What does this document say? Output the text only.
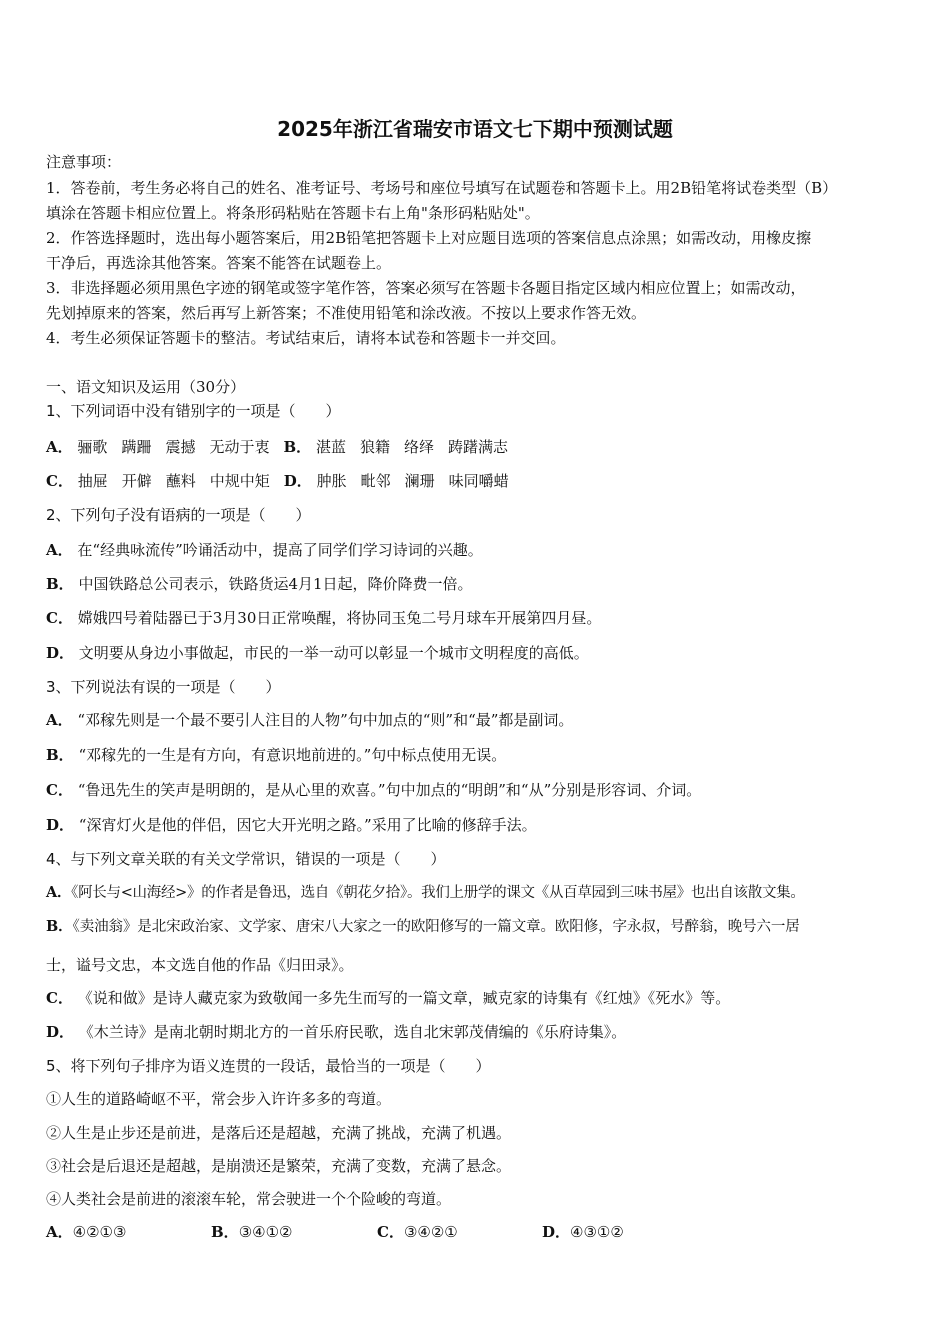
2025年浙江省瑞安市语文七下期中预测试题
注意事项：
1．答卷前，考生务必将自己的姓名、准考证号、考场号和座位号填写在试题卷和答题卡上。用2B铅笔将试卷类型（B）
填涂在答题卡相应位置上。将条形码粘贴在答题卡右上角"条形码粘贴处"。
2．作答选择题时，选出每小题答案后，用2B铅笔把答题卡上对应题目选项的答案信息点涂黑；如需改动，用橡皮擦
干净后，再选涂其他答案。答案不能答在试题卷上。
3．非选择题必须用黑色字迹的钢笔或签字笔作答，答案必须写在答题卡各题目指定区域内相应位置上；如需改动，
先划掉原来的答案，然后再写上新答案；不准使用铅笔和涂改液。不按以上要求作答无效。
4．考生必须保证答题卡的整洁。考试结束后，请将本试卷和答题卡一并交回。
一、语文知识及运用（30分）
1、下列词语中没有错别字的一项是（　　）
A． 骊歌 蹒跚 震撼 无动于衷 B． 湛蓝 狼籍 络绎 踌躇满志
C． 抽屉 开僻 蘸料 中规中矩 D． 肿胀 毗邻 澜珊 味同嚼蜡
2、下列句子没有语病的一项是（　　）
A． 在“经典咏流传”吟诵活动中，提高了同学们学习诗词的兴趣。
B． 中国铁路总公司表示，铁路货运4月1日起，降价降费一倍。
C． 嫦娥四号着陆器已于3月30日正常唤醒，将协同玉兔二号月球车开展第四月昼。
D． 文明要从身边小事做起，市民的一举一动可以彰显一个城市文明程度的高低。
3、下列说法有误的一项是（　　）
A． “邓稼先则是一个最不要引人注目的人物”句中加点的“则”和“最”都是副词。
B． “邓稼先的一生是有方向，有意识地前进的。”句中标点使用无误。
C． “鲁迅先生的笑声是明朗的，是从心里的欢喜。”句中加点的“明朗”和“从”分别是形容词、介词。
D． “深宵灯火是他的伴侣，因它大开光明之路。”采用了比喻的修辞手法。
4、与下列文章关联的有关文学常识，错误的一项是（　　）
A．《阿长与<山海经>》的作者是鲁迅，选自《朝花夕拾》。我们上册学的课文《从百草园到三味书屋》也出自该散文集。
B．《卖油翁》是北宋政治家、文学家、唐宋八大家之一的欧阳修写的一篇文章。欧阳修，字永叔，号醉翁，晚号六一居
士，谥号文忠，本文选自他的作品《归田录》。
C． 《说和做》是诗人藏克家为致敬闻一多先生而写的一篇文章，臧克家的诗集有《红烛》《死水》等。
D． 《木兰诗》是南北朝时期北方的一首乐府民歌，选自北宋郭茂倩编的《乐府诗集》。
5、将下列句子排序为语义连贯的一段话，最恰当的一项是（　　）
①人生的道路崎岖不平，常会步入许许多多的弯道。
②人生是止步还是前进，是落后还是超越，充满了挑战，充满了机遇。
③社会是后退还是超越，是崩溃还是繁荣，充满了变数，充满了悬念。
④人类社会是前进的滚滚车轮，常会驶进一个个险峻的弯道。
A．④②①③	B．③④①②	C．③④②①	D．④③①②
